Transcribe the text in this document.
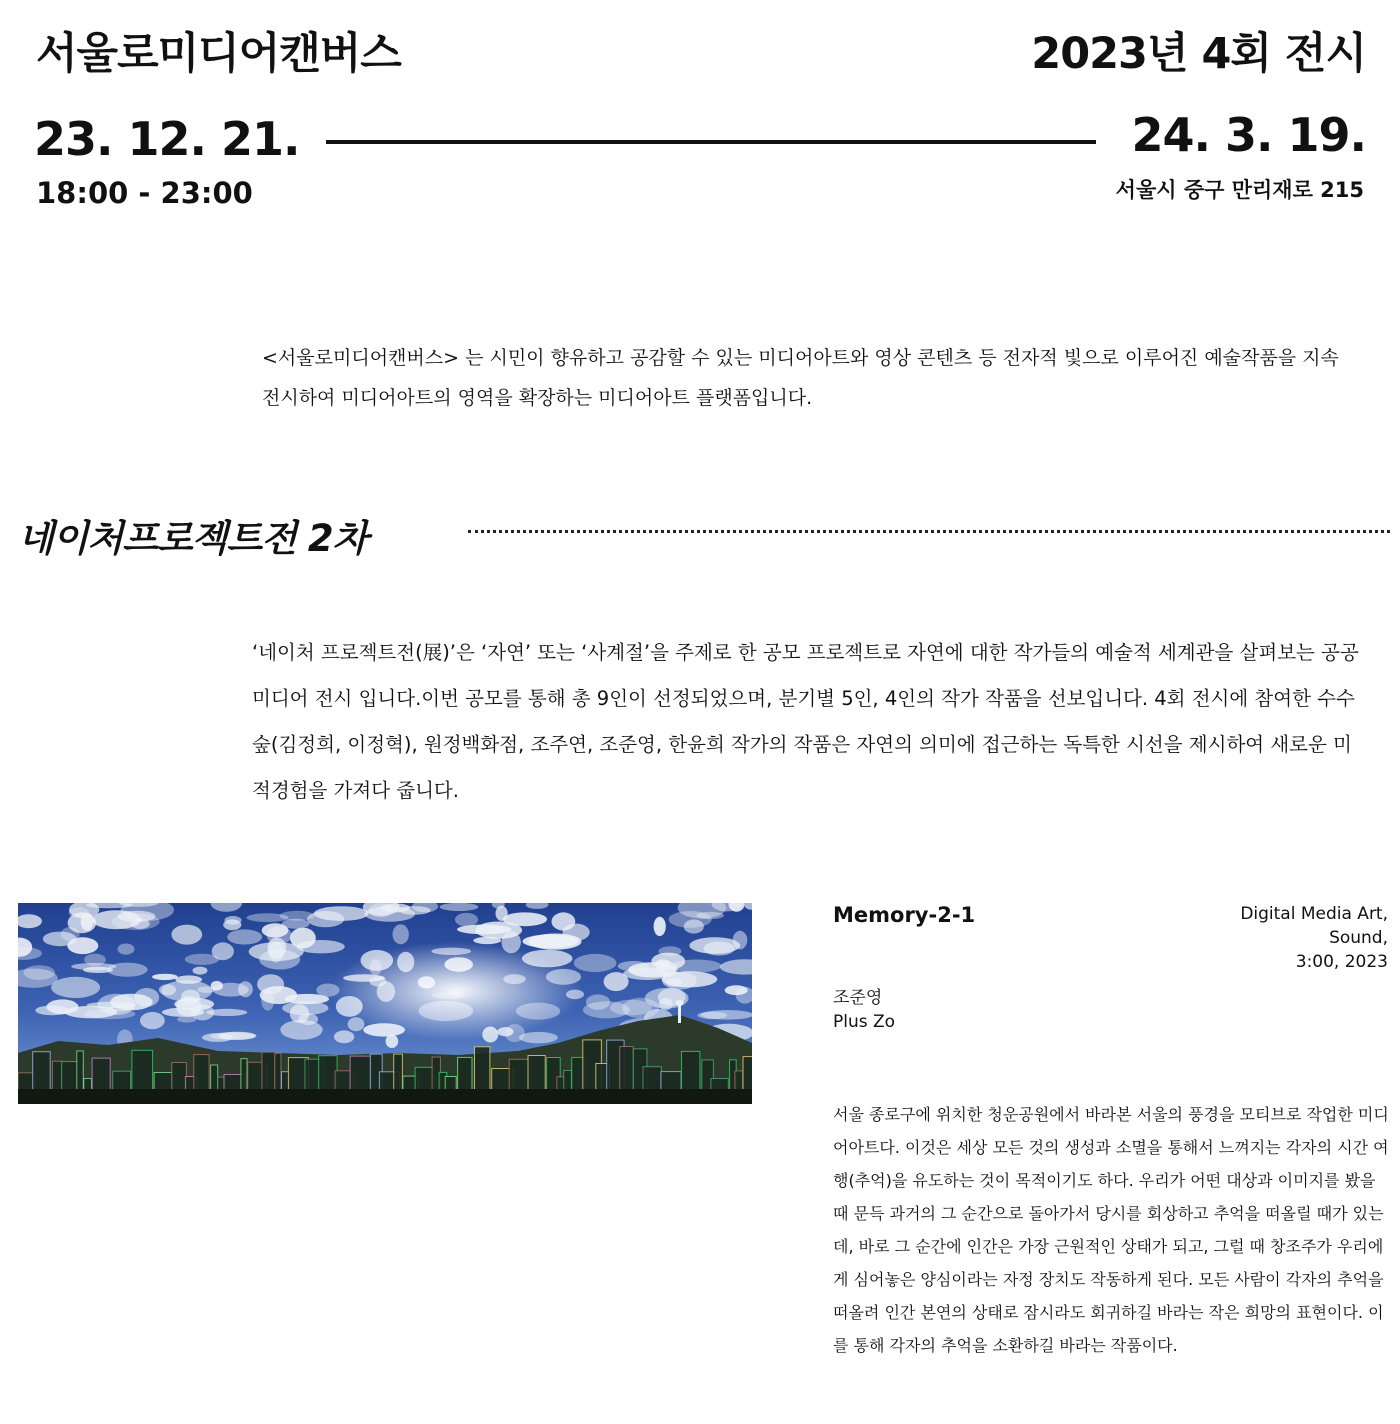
서울로미디어캔버스	2023년 4회 전시
23. 12. 21.
18:00 - 23:00
24. 3. 19.
서울시 중구 만리재로 215
<서울로미디어캔버스> 는 시민이 향유하고 공감할 수 있는 미디어아트와 영상 콘텐츠 등 전자적 빛으로 이루어진 예술작품을 지속 전시하여 미디어아트의 영역을 확장하는 미디어아트 플랫폼입니다.
네이처프로젝트전 2차
‘네이처 프로젝트전(展)’은 ‘자연’ 또는 ‘사계절’을 주제로 한 공모 프로젝트로 자연에 대한 작가들의 예술적 세계관을 살펴보는 공공미디어 전시 입니다.이번 공모를 통해 총 9인이 선정되었으며, 분기별 5인, 4인의 작가 작품을 선보입니다. 4회 전시에 참여한 수수숲(김정희, 이정혁), 원정백화점, 조주연, 조준영, 한윤희 작가의 작품은 자연의 의미에 접근하는 독특한 시선을 제시하여 새로운 미적경험을 가져다 줍니다.
Memory-2-1	Digital Media Art,
Sound,
3:00, 2023
조준영
Plus Zo
서울 종로구에 위치한 청운공원에서 바라본 서울의 풍경을 모티브로 작업한 미디어아트다. 이것은 세상 모든 것의 생성과 소멸을 통해서 느껴지는 각자의 시간 여행(추억)을 유도하는 것이 목적이기도 하다. 우리가 어떤 대상과 이미지를 봤을 때 문득 과거의 그 순간으로 돌아가서 당시를 회상하고 추억을 떠올릴 때가 있는데, 바로 그 순간에 인간은 가장 근원적인 상태가 되고, 그럴 때 창조주가 우리에게 심어놓은 양심이라는 자정 장치도 작동하게 된다. 모든 사람이 각자의 추억을 떠올려 인간 본연의 상태로 잠시라도 회귀하길 바라는 작은 희망의 표현이다. 이를 통해 각자의 추억을 소환하길 바라는 작품이다.
